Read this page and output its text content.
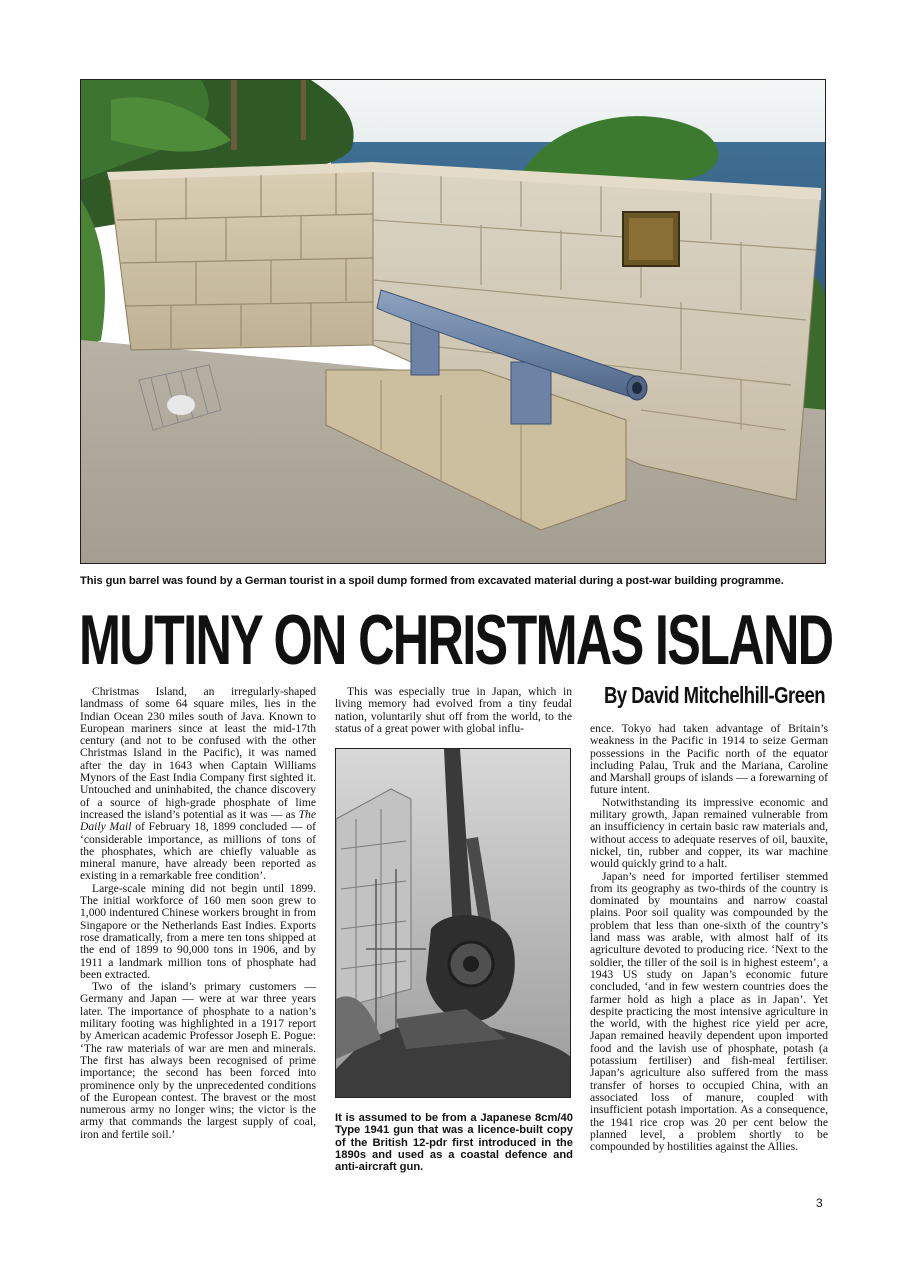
This gun barrel was found by a German tourist in a spoil dump formed from excavated material during a post-war building programme.
MUTINY ON CHRISTMAS ISLAND
By David Mitchelhill-Green

Christmas Island, an irregularly-shaped landmass of some 64 square miles, lies in the Indian Ocean 230 miles south of Java. Known to European mariners since at least the mid-17th century (and not to be confused with the other Christmas Island in the Pacific), it was named after the day in 1643 when Captain Williams Mynors of the East India Company first sighted it. Untouched and uninhabited, the chance discovery of a source of high-grade phosphate of lime increased the island’s potential as it was — as The Daily Mail of February 18, 1899 concluded — of ‘considerable importance, as millions of tons of the phosphates, which are chiefly valuable as mineral manure, have already been reported as existing in a remarkable free condition’.

Large-scale mining did not begin until 1899. The initial workforce of 160 men soon grew to 1,000 indentured Chinese workers brought in from Singapore or the Netherlands East Indies. Exports rose dramatically, from a mere ten tons shipped at the end of 1899 to 90,000 tons in 1906, and by 1911 a landmark million tons of phosphate had been extracted.

Two of the island’s primary customers — Germany and Japan — were at war three years later. The importance of phosphate to a nation’s military footing was highlighted in a 1917 report by American academic Professor Joseph E. Pogue: ‘The raw materials of war are men and minerals. The first has always been recognised of prime importance; the second has been forced into prominence only by the unprecedented conditions of the European contest. The bravest or the most numerous army no longer wins; the victor is the army that commands the largest supply of coal, iron and fertile soil.’

This was especially true in Japan, which in living memory had evolved from a tiny feudal nation, voluntarily shut off from the world, to the status of a great power with global influ-

It is assumed to be from a Japanese 8cm/40 Type 1941 gun that was a licence-built copy of the British 12-pdr first introduced in the 1890s and used as a coastal defence and anti-aircraft gun.

ence. Tokyo had taken advantage of Britain’s weakness in the Pacific in 1914 to seize German possessions in the Pacific north of the equator including Palau, Truk and the Mariana, Caroline and Marshall groups of islands — a forewarning of future intent.

Notwithstanding its impressive economic and military growth, Japan remained vulnerable from an insufficiency in certain basic raw materials and, without access to adequate reserves of oil, bauxite, nickel, tin, rubber and copper, its war machine would quickly grind to a halt.

Japan’s need for imported fertiliser stemmed from its geography as two-thirds of the country is dominated by mountains and narrow coastal plains. Poor soil quality was compounded by the problem that less than one-sixth of the country’s land mass was arable, with almost half of its agriculture devoted to producing rice. ‘Next to the soldier, the tiller of the soil is in highest esteem’, a 1943 US study on Japan’s economic future concluded, ‘and in few western countries does the farmer hold as high a place as in Japan’. Yet despite practicing the most intensive agriculture in the world, with the highest rice yield per acre, Japan remained heavily dependent upon imported food and the lavish use of phosphate, potash (a potassium fertiliser) and fish-meal fertiliser. Japan’s agriculture also suffered from the mass transfer of horses to occupied China, with an associated loss of manure, coupled with insufficient potash importation. As a consequence, the 1941 rice crop was 20 per cent below the planned level, a problem shortly to be compounded by hostilities against the Allies.

3
